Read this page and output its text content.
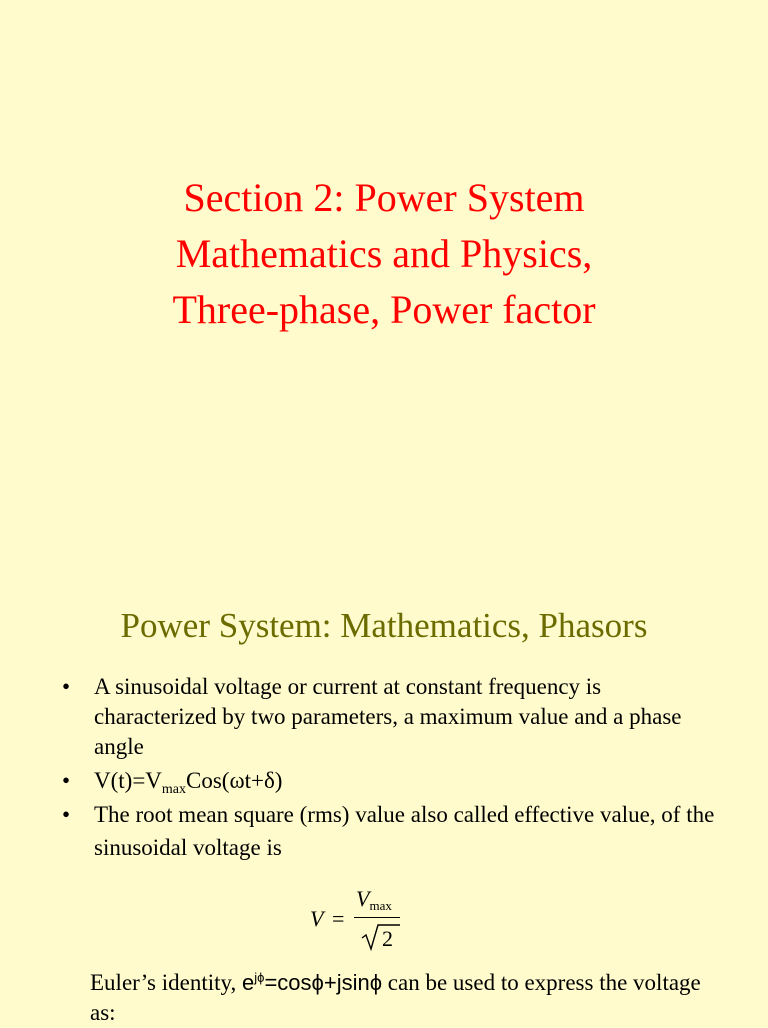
Section 2: Power System
Mathematics and Physics,
Three-phase, Power factor
Power System: Mathematics, Phasors
• A sinusoidal voltage or current at constant frequency is characterized by two parameters, a maximum value and a phase angle
• $V(t)=V_{max}Cos(\omega t+\delta)$
• The root mean square (rms) value also called effective value, of the sinusoidal voltage is
V =
$V_{max}$
2

Euler’s identity, $e^{j\phi}=\cos\phi+jsin\phi$ can be used to express the voltage as:
